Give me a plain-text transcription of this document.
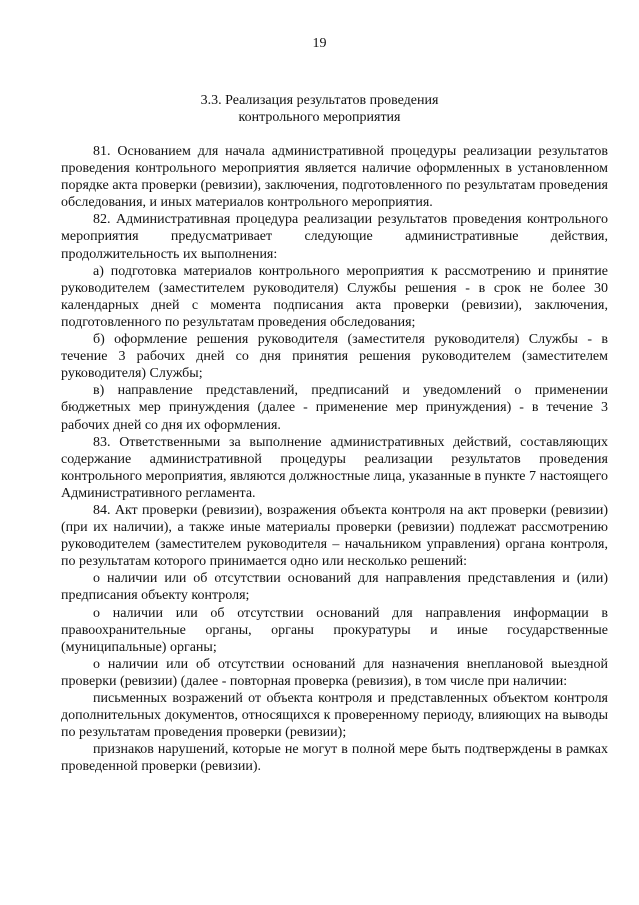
19
3.3. Реализация результатов проведения
контрольного мероприятия

81. Основанием для начала административной процедуры реализации результатов проведения контрольного мероприятия является наличие оформленных в установленном порядке акта проверки (ревизии), заключения, подготовленного по результатам проведения обследования, и иных материалов контрольного мероприятия.

82. Административная процедура реализации результатов проведения контрольного мероприятия предусматривает следующие административные действия, продолжительность их выполнения:

а) подготовка материалов контрольного мероприятия к рассмотрению и принятие руководителем (заместителем руководителя) Службы решения - в срок не более 30 календарных дней с момента подписания акта проверки (ревизии), заключения, подготовленного по результатам проведения обследования;

б) оформление решения руководителя (заместителя руководителя) Службы - в течение 3 рабочих дней со дня принятия решения руководителем (заместителем руководителя) Службы;

в) направление представлений, предписаний и уведомлений о применении бюджетных мер принуждения (далее - применение мер принуждения) - в течение 3 рабочих дней со дня их оформления.

83. Ответственными за выполнение административных действий, составляющих содержание административной процедуры реализации результатов проведения контрольного мероприятия, являются должностные лица, указанные в пункте 7 настоящего Административного регламента.

84. Акт проверки (ревизии), возражения объекта контроля на акт проверки (ревизии) (при их наличии), а также иные материалы проверки (ревизии) подлежат рассмотрению руководителем (заместителем руководителя – начальником управления) органа контроля, по результатам которого принимается одно или несколько решений:

о наличии или об отсутствии оснований для направления представления и (или) предписания объекту контроля;

о наличии или об отсутствии оснований для направления информации в правоохранительные органы, органы прокуратуры и иные государственные (муниципальные) органы;

о наличии или об отсутствии оснований для назначения внеплановой выездной проверки (ревизии) (далее - повторная проверка (ревизия), в том числе при наличии:

письменных возражений от объекта контроля и представленных объектом контроля дополнительных документов, относящихся к проверенному периоду, влияющих на выводы по результатам проведения проверки (ревизии);

признаков нарушений, которые не могут в полной мере быть подтверждены в рамках проведенной проверки (ревизии).
